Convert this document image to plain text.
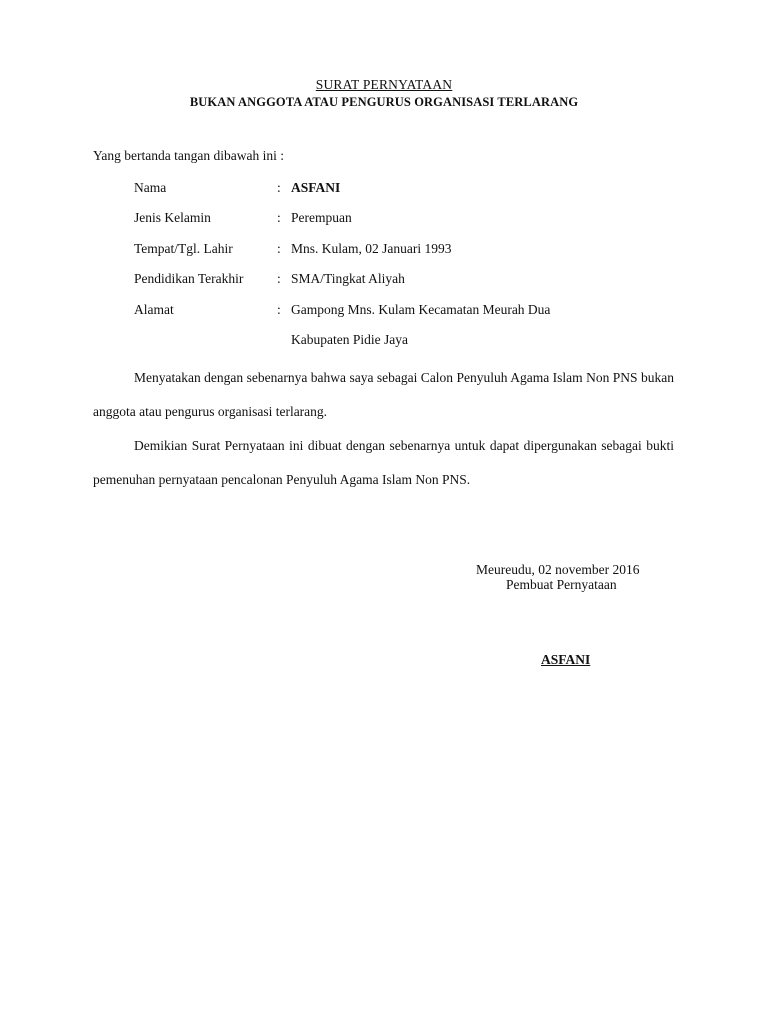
SURAT PERNYATAAN
BUKAN ANGGOTA ATAU PENGURUS ORGANISASI TERLARANG
Yang bertanda tangan dibawah ini :
Nama	: ASFANI
Jenis Kelamin	: Perempuan
Tempat/Tgl. Lahir	: Mns. Kulam, 02 Januari 1993
Pendidikan Terakhir : SMA/Tingkat Aliyah
Alamat	: Gampong Mns. Kulam Kecamatan Meurah Dua
Kabupaten Pidie Jaya

Menyatakan dengan sebenarnya bahwa saya sebagai Calon Penyuluh Agama Islam Non PNS bukan anggota atau pengurus organisasi terlarang.

Demikian Surat Pernyataan ini dibuat dengan sebenarnya untuk dapat dipergunakan sebagai bukti pemenuhan pernyataan pencalonan Penyuluh Agama Islam Non PNS.

Meureudu, 02 november 2016
Pembuat Pernyataan
ASFANI
